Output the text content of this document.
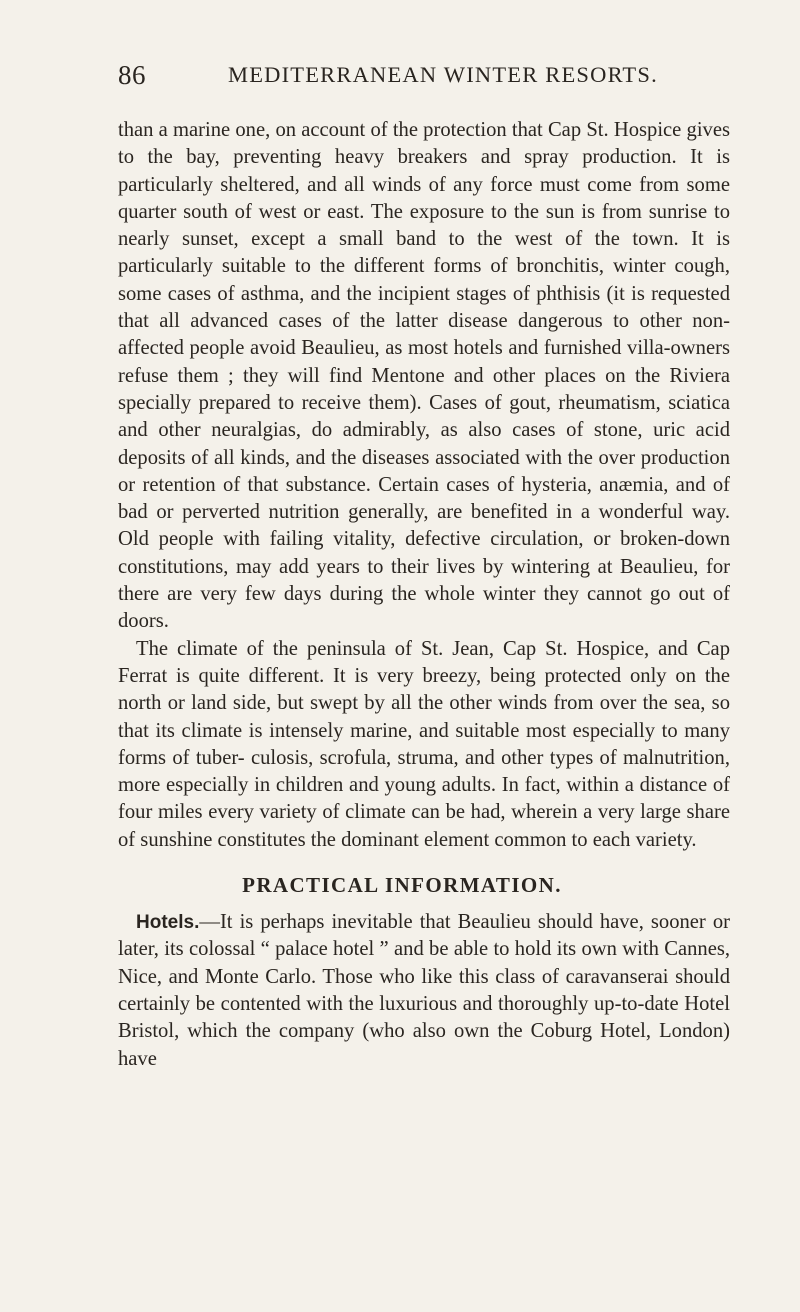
86	MEDITERRANEAN WINTER RESORTS.

than a marine one, on account of the protection that Cap St. Hospice gives to the bay, preventing heavy breakers and spray production. It is particularly sheltered, and all winds of any force must come from some quarter south of west or east. The exposure to the sun is from sunrise to nearly sunset, except a small band to the west of the town. It is particularly suitable to the different forms of bronchitis, winter cough, some cases of asthma, and the incipient stages of phthisis (it is requested that all advanced cases of the latter disease dangerous to other non-affected people avoid Beaulieu, as most hotels and furnished villa-owners refuse them ; they will find Mentone and other places on the Riviera specially prepared to receive them). Cases of gout, rheumatism, sciatica and other neuralgias, do admirably, as also cases of stone, uric acid deposits of all kinds, and the diseases associated with the over production or retention of that substance. Certain cases of hysteria, anæmia, and of bad or perverted nutrition generally, are benefited in a wonderful way. Old people with failing vitality, defective circulation, or broken-down constitutions, may add years to their lives by wintering at Beaulieu, for there are very few days during the whole winter they cannot go out of doors.

The climate of the peninsula of St. Jean, Cap St. Hospice, and Cap Ferrat is quite different. It is very breezy, being protected only on the north or land side, but swept by all the other winds from over the sea, so that its climate is intensely marine, and suitable most especially to many forms of tuber- culosis, scrofula, struma, and other types of malnutrition, more especially in children and young adults. In fact, within a distance of four miles every variety of climate can be had, wherein a very large share of sunshine constitutes the dominant element common to each variety.

PRACTICAL INFORMATION.

Hotels.—It is perhaps inevitable that Beaulieu should have, sooner or later, its colossal “ palace hotel ” and be able to hold its own with Cannes, Nice, and Monte Carlo. Those who like this class of caravanserai should certainly be contented with the luxurious and thoroughly up-to-date Hotel Bristol, which the company (who also own the Coburg Hotel, London) have
